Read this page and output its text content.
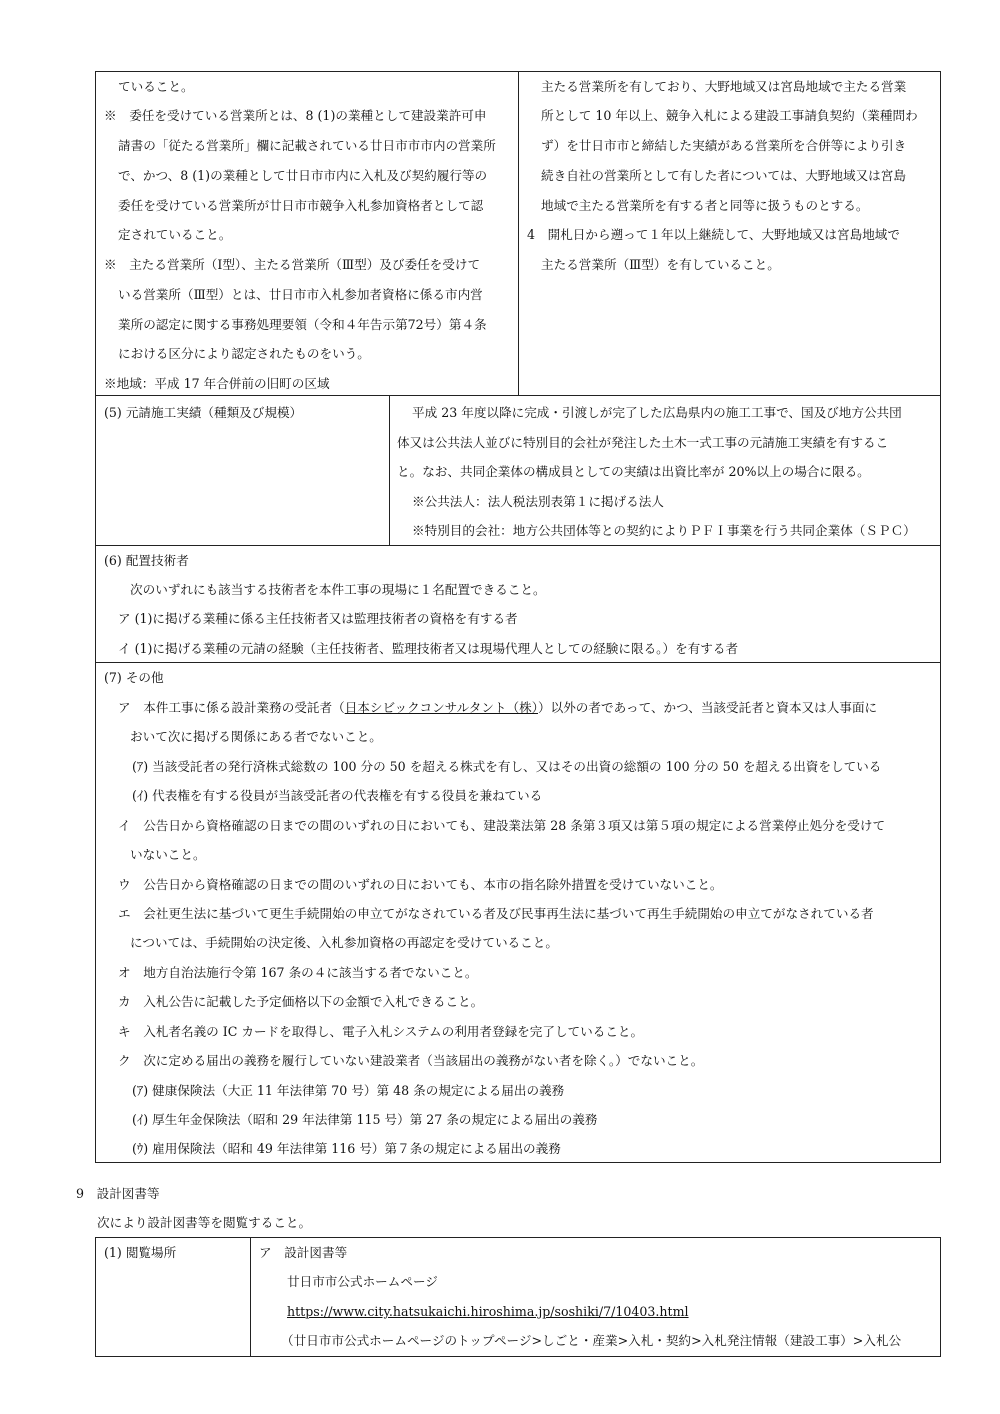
ていること。
※　委任を受けている営業所とは、8 (1)の業種として建設業許可申
請書の「従たる営業所」欄に記載されている廿日市市市内の営業所
で、かつ、8 (1)の業種として廿日市市内に入札及び契約履行等の
委任を受けている営業所が廿日市市競争入札参加資格者として認
定されていること。
※　主たる営業所（Ⅰ型）、主たる営業所（Ⅲ型）及び委任を受けて
いる営業所（Ⅲ型）とは、廿日市市入札参加者資格に係る市内営
業所の認定に関する事務処理要領（令和４年告示第72号）第４条
における区分により認定されたものをいう。
※地域：平成 17 年合併前の旧町の区域
主たる営業所を有しており、大野地域又は宮島地域で主たる営業
所として 10 年以上、競争入札による建設工事請負契約（業種問わ
ず）を廿日市市と締結した実績がある営業所を合併等により引き
続き自社の営業所として有した者については、大野地域又は宮島
地域で主たる営業所を有する者と同等に扱うものとする。
4　開札日から遡って１年以上継続して、大野地域又は宮島地域で
主たる営業所（Ⅲ型）を有していること。
(5) 元請施工実績（種類及び規模）	平成 23 年度以降に完成・引渡しが完了した広島県内の施工工事で、国及び地方公共団
体又は公共法人並びに特別目的会社が発注した土木一式工事の元請施工実績を有するこ
と。なお、共同企業体の構成員としての実績は出資比率が 20%以上の場合に限る。
※公共法人：法人税法別表第１に掲げる法人
※特別目的会社：地方公共団体等との契約によりＰＦＩ事業を行う共同企業体（ＳＰＣ）
(6) 配置技術者
次のいずれにも該当する技術者を本件工事の現場に１名配置できること。
ア (1)に掲げる業種に係る主任技術者又は監理技術者の資格を有する者
イ (1)に掲げる業種の元請の経験（主任技術者、監理技術者又は現場代理人としての経験に限る。）を有する者
(7) その他
ア　本件工事に係る設計業務の受託者（日本シビックコンサルタント（株））以外の者であって、かつ、当該受託者と資本又は人事面に
おいて次に掲げる関係にある者でないこと。
(ｱ) 当該受託者の発行済株式総数の 100 分の 50 を超える株式を有し、又はその出資の総額の 100 分の 50 を超える出資をしている
(ｲ) 代表権を有する役員が当該受託者の代表権を有する役員を兼ねている
イ　公告日から資格確認の日までの間のいずれの日においても、建設業法第 28 条第３項又は第５項の規定による営業停止処分を受けて
いないこと。
ウ　公告日から資格確認の日までの間のいずれの日においても、本市の指名除外措置を受けていないこと。
エ　会社更生法に基づいて更生手続開始の申立てがなされている者及び民事再生法に基づいて再生手続開始の申立てがなされている者
については、手続開始の決定後、入札参加資格の再認定を受けていること。
オ　地方自治法施行令第 167 条の４に該当する者でないこと。
カ　入札公告に記載した予定価格以下の金額で入札できること。
キ　入札者名義の IC カードを取得し、電子入札システムの利用者登録を完了していること。
ク　次に定める届出の義務を履行していない建設業者（当該届出の義務がない者を除く。）でないこと。
(ｱ) 健康保険法（大正 11 年法律第 70 号）第 48 条の規定による届出の義務
(ｲ) 厚生年金保険法（昭和 29 年法律第 115 号）第 27 条の規定による届出の義務
(ｳ) 雇用保険法（昭和 49 年法律第 116 号）第７条の規定による届出の義務
9　設計図書等
次により設計図書等を閲覧すること。
(1) 閲覧場所	ア　設計図書等
廿日市市公式ホームページ
https://www.city.hatsukaichi.hiroshima.jp/soshiki/7/10403.html
（廿日市市公式ホームページのトップページ>しごと・産業>入札・契約>入札発注情報（建設工事）>入札公
